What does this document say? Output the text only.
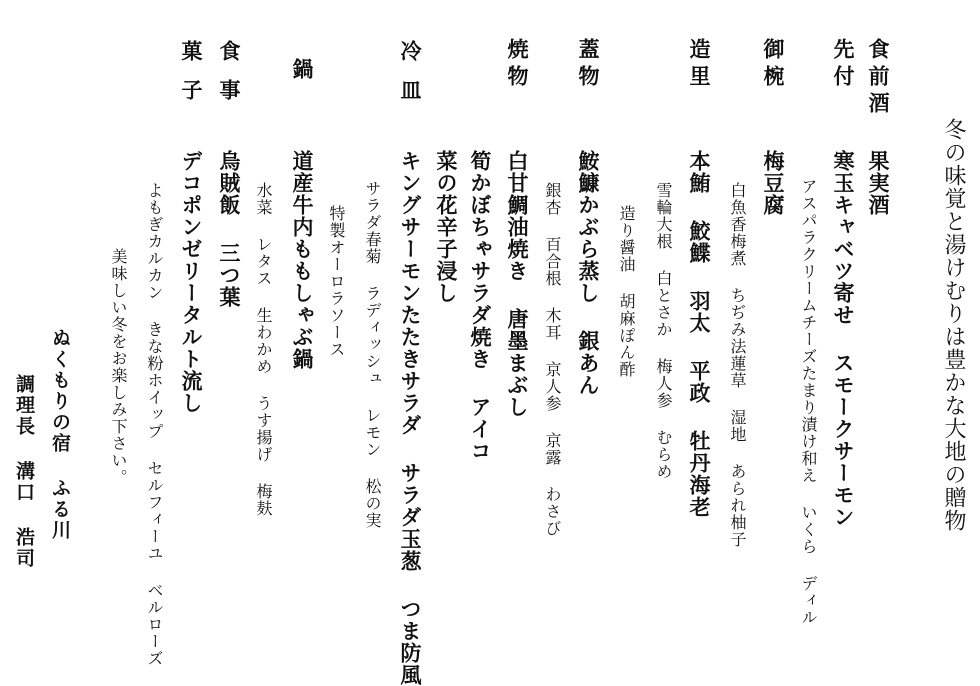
冬の味覚と湯けむりは豊かな大地の贈物
食前酒
果実酒
先付
寒玉キャベツ寄せ スモークサーモン
アスパラクリームチーズたまり漬け和え いくら ディル
御椀
梅豆腐
白魚香梅煮 ちぢみ法蓮草 湿地 あられ柚子
造里
本鮪 鮫鰈 羽太 平政 牡丹海老
雪輪大根 白とさか 梅人参 むらめ
造り醤油 胡麻ぽん酢
蓋物
鮟鱇かぶら蒸し 銀あん
銀杏 百合根 木耳 京人参 京露 わさび
焼物
白甘鯛油焼き 唐墨まぶし
筍かぼちゃサラダ焼き アイコ
菜の花辛子浸し
冷皿
キングサーモンたたきサラダ サラダ玉葱 つま防風
サラダ春菊 ラディッシュ レモン 松の実
特製オーロラソース
鍋
道産牛内ももしゃぶ鍋
水菜 レタス 生わかめ うす揚げ 梅麸
食事
烏賊飯 三つ葉
菓子
デコポンゼリータルト流し
よもぎカルカン きな粉ホイップ セルフィーユ ベルローズ
美味しい冬をお楽しみ下さい。
ぬくもりの宿 ふる川
調理長 溝口 浩司
